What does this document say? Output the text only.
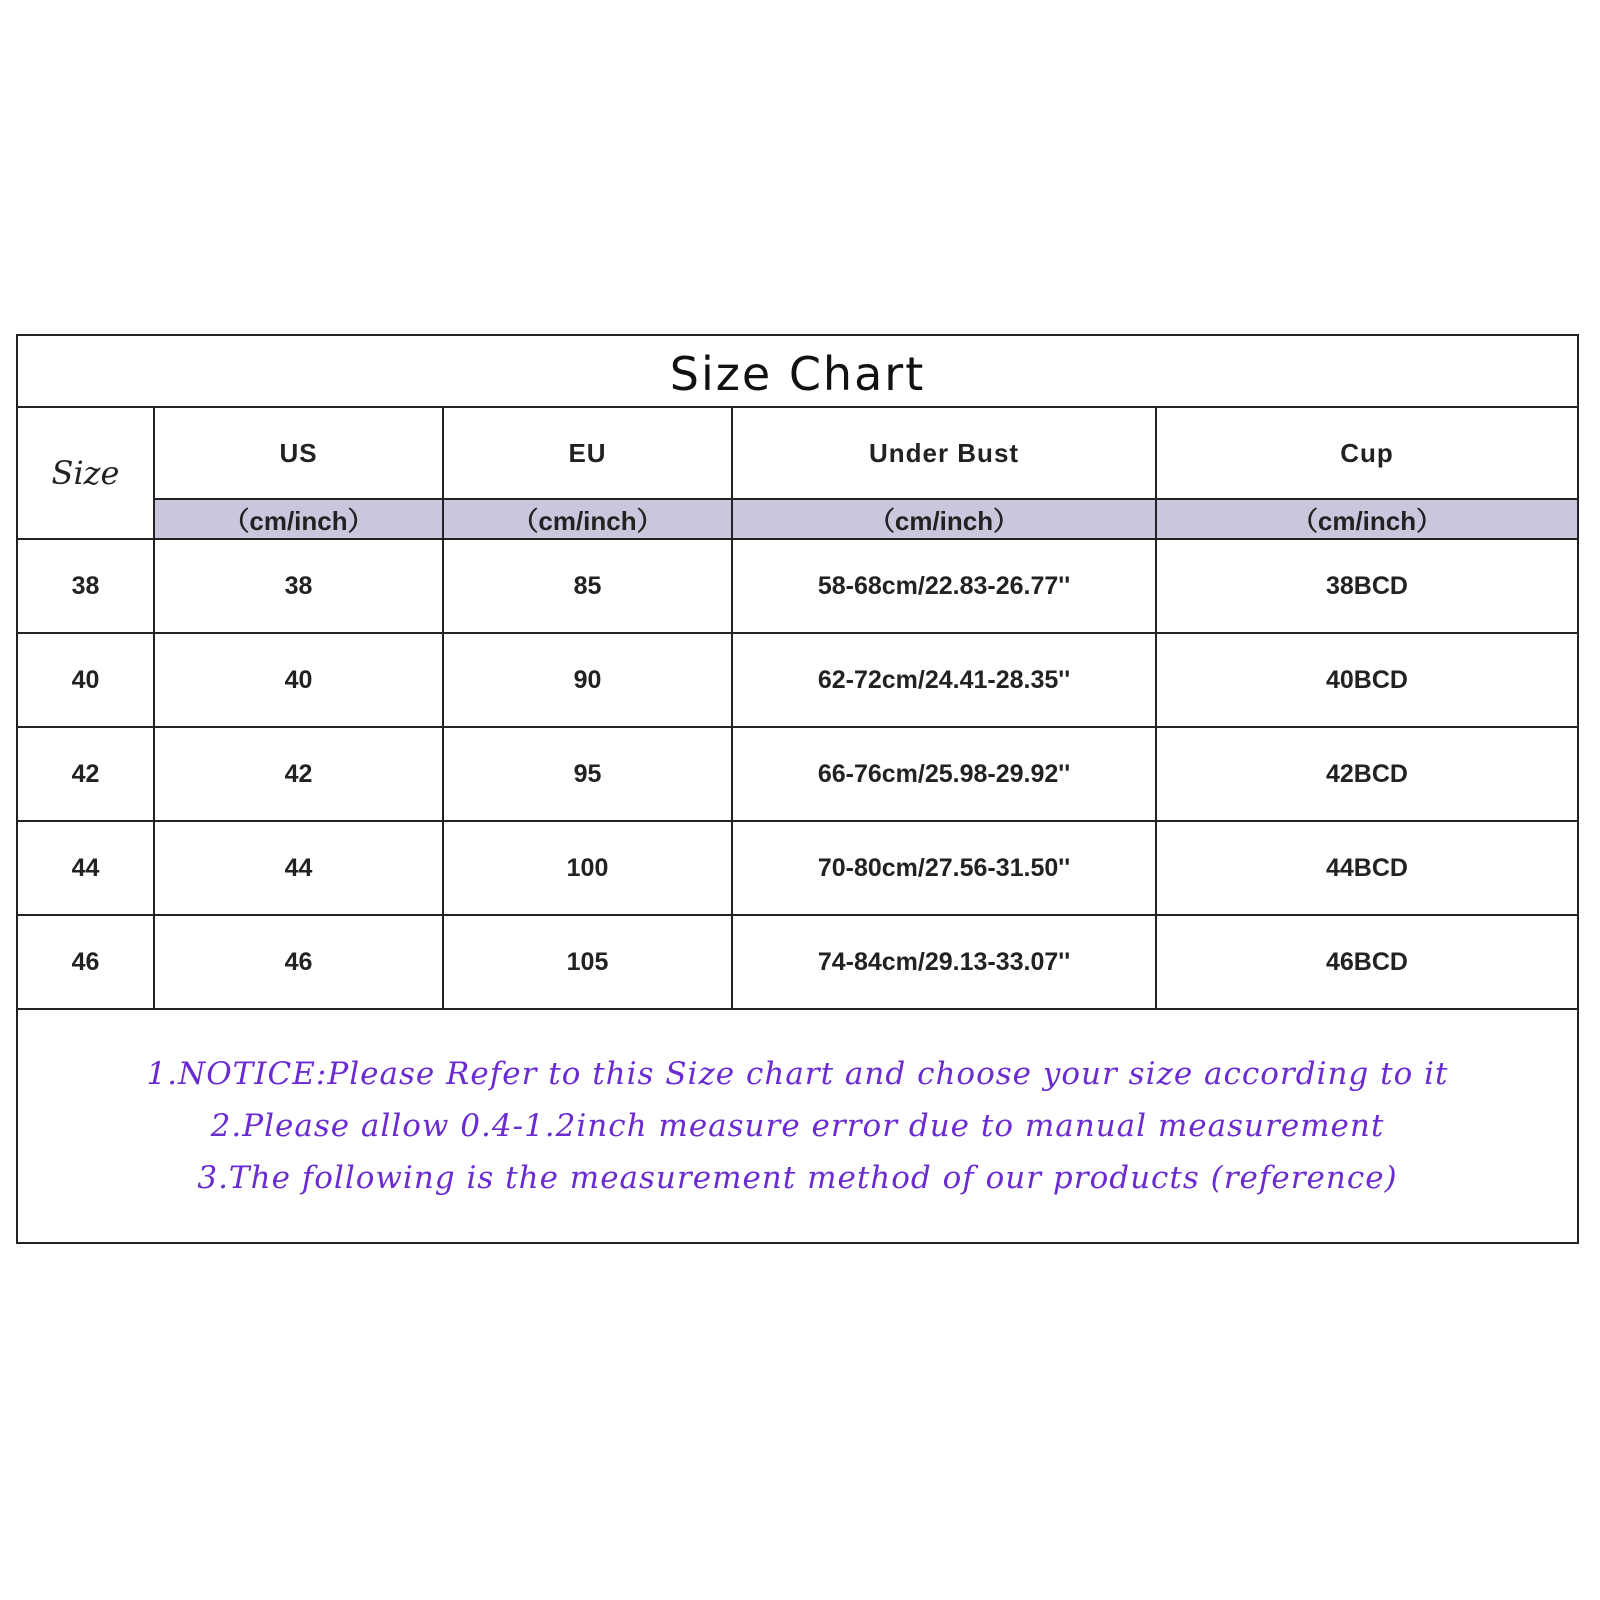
Size Chart
Size	US	EU	Under Bust	Cup
	（cm/inch）	（cm/inch）	（cm/inch）	（cm/inch）
38	38	85	58-68cm/22.83-26.77''	38BCD
40	40	90	62-72cm/24.41-28.35''	40BCD
42	42	95	66-76cm/25.98-29.92''	42BCD
44	44	100	70-80cm/27.56-31.50''	44BCD
46	46	105	74-84cm/29.13-33.07''	46BCD
1.NOTICE:Please Refer to this Size chart and choose your size according to it
2.Please allow 0.4-1.2inch measure error due to manual measurement
3.The following is the measurement method of our products (reference)
